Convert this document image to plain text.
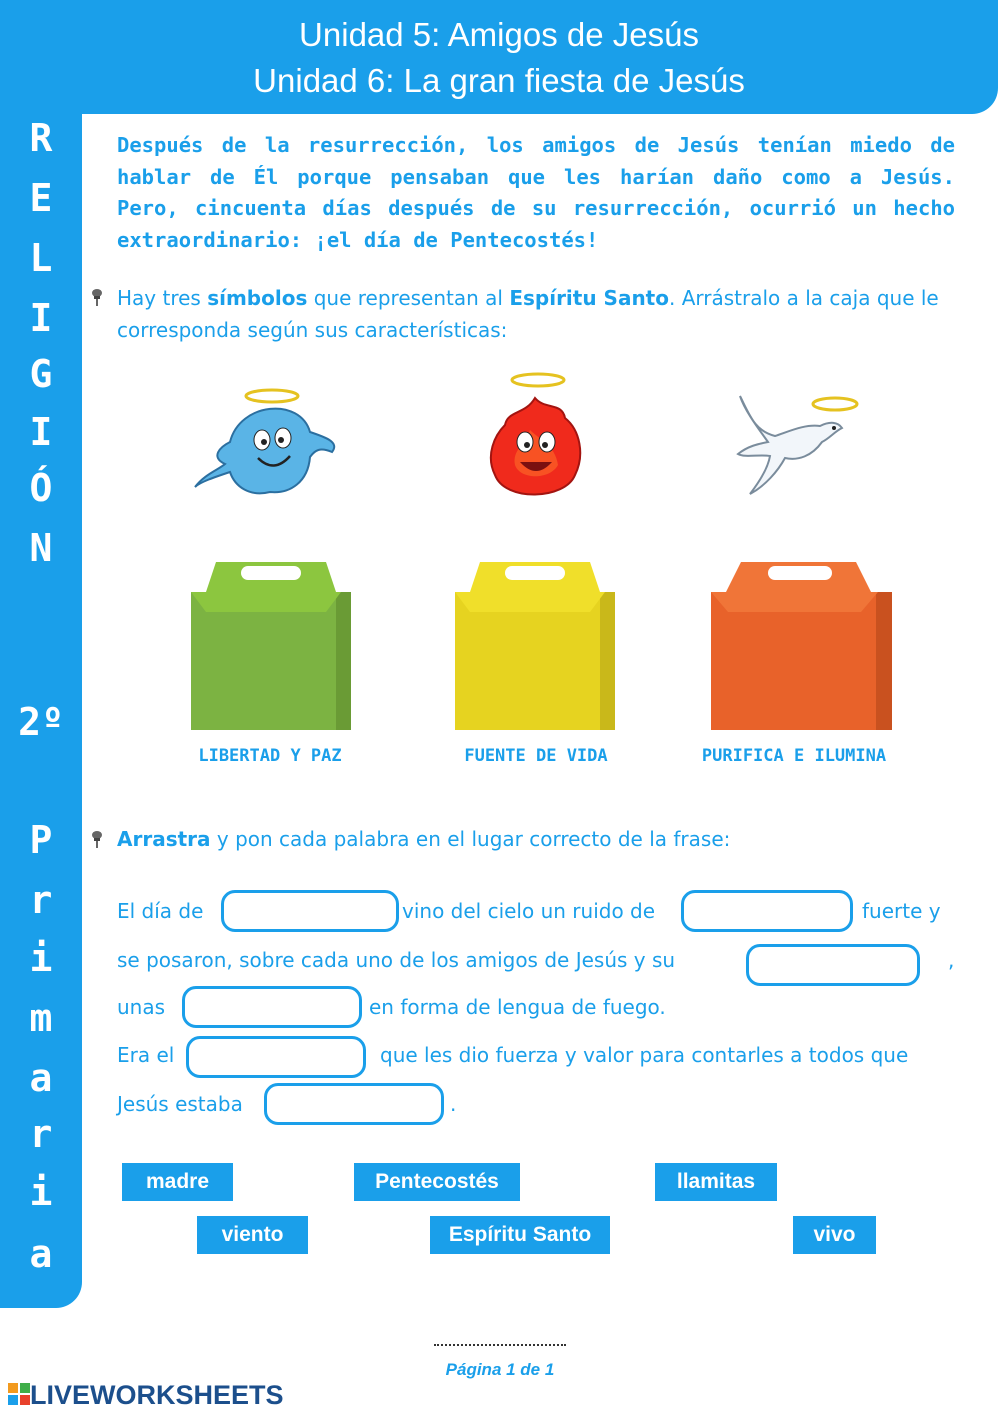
Unidad 5: Amigos de Jesús
Unidad 6: La gran fiesta de Jesús
R
E
L
I
G
I
Ó
N
2º
P
r
i
m
a
r
i
a
Después de la resurrección, los amigos de Jesús tenían miedo de hablar de Él porque pensaban que les harían daño como a Jesús. Pero, cincuenta días después de su resurrección, ocurrió un hecho extraordinario: ¡el día de Pentecostés!
Hay tres símbolos que representan al Espíritu Santo. Arrástralo a la caja que le corresponda según sus características:
LIBERTAD Y PAZ	FUENTE DE VIDA	PURIFICA E ILUMINA
Arrastra y pon cada palabra en el lugar correcto de la frase:
El día de	vino del cielo un ruido de	fuerte y
se posaron, sobre cada uno de los amigos de Jesús y su	,
unas	en forma de lengua de fuego.
Era el	que les dio fuerza y valor para contarles a todos que
Jesús estaba	.
madre	Pentecostés	llamitas
viento	Espíritu Santo	vivo
Página 1 de 1
LIVEWORKSHEETS
